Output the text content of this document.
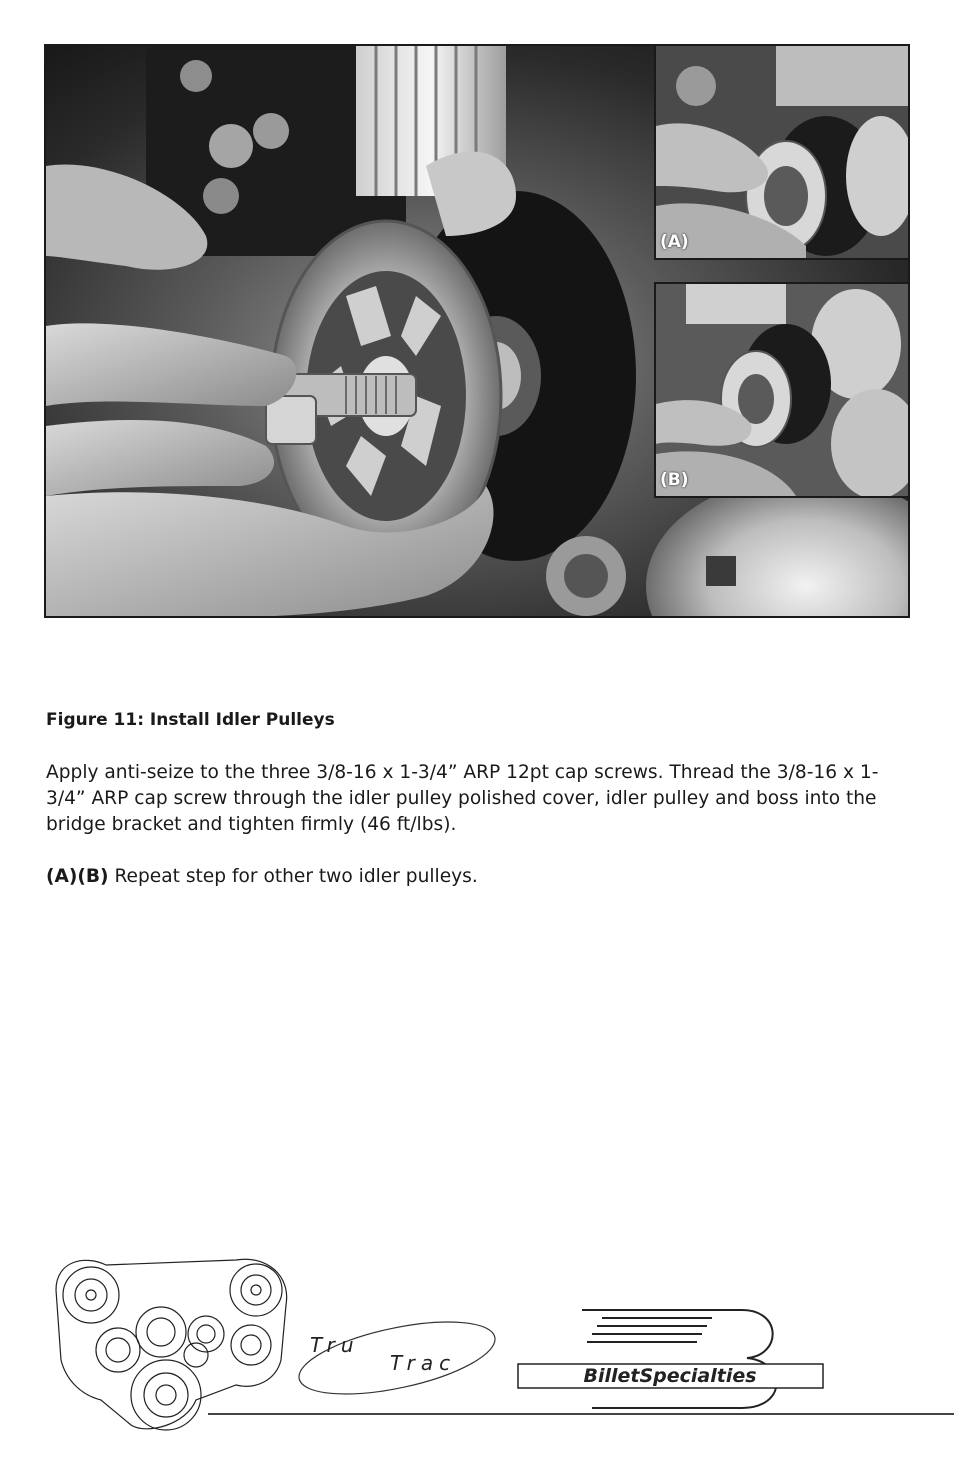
(A)
(B)
Figure 11: Install Idler Pulleys

Apply anti-seize to the three 3/8-16 x 1-3/4” ARP 12pt cap screws. Thread the 3/8-16 x 1-3/4” ARP cap screw through the idler pulley polished cover, idler pulley and boss into the bridge bracket and tighten firmly (46 ft/lbs).

(A)(B) Repeat step for other two idler pulleys.

Tru
Trac
BilletSpecialties
